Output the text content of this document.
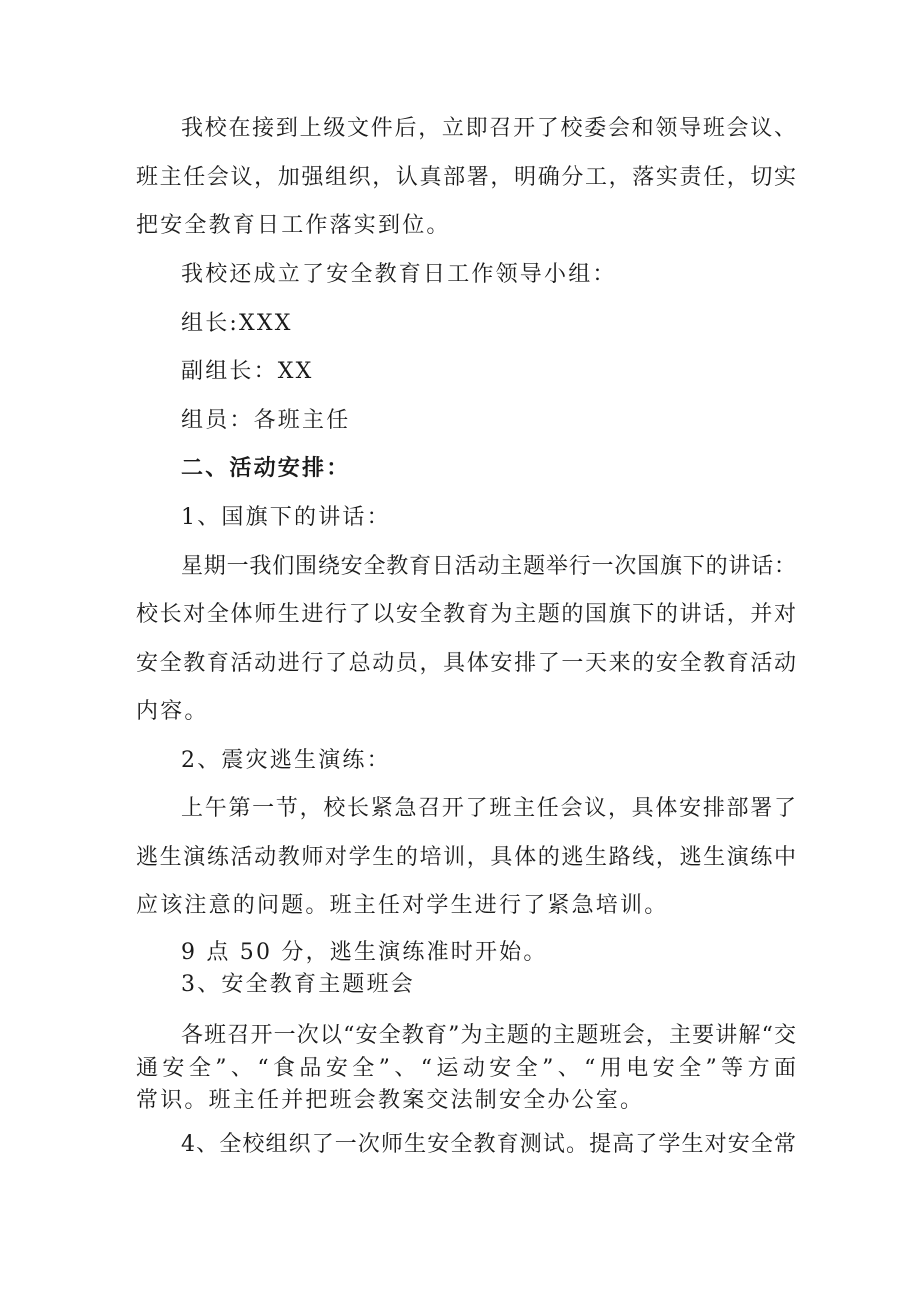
我校在接到上级文件后，立即召开了校委会和领导班会议、
班主任会议，加强组织，认真部署，明确分工，落实责任，切实
把安全教育日工作落实到位。
我校还成立了安全教育日工作领导小组：
组长:XXX
副组长：XX
组员：各班主任
二、活动安排：
1、国旗下的讲话：
星期一我们围绕安全教育日活动主题举行一次国旗下的讲话：
校长对全体师生进行了以安全教育为主题的国旗下的讲话，并对
安全教育活动进行了总动员，具体安排了一天来的安全教育活动
内容。
2、震灾逃生演练：
上午第一节，校长紧急召开了班主任会议，具体安排部署了
逃生演练活动教师对学生的培训，具体的逃生路线，逃生演练中
应该注意的问题。班主任对学生进行了紧急培训。
9 点 50 分，逃生演练准时开始。
3、安全教育主题班会
各班召开一次以“安全教育”为主题的主题班会，主要讲解“交
通安全”、“食品安全”、“运动安全”、“用电安全”等方面
常识。班主任并把班会教案交法制安全办公室。
4、全校组织了一次师生安全教育测试。提高了学生对安全常
